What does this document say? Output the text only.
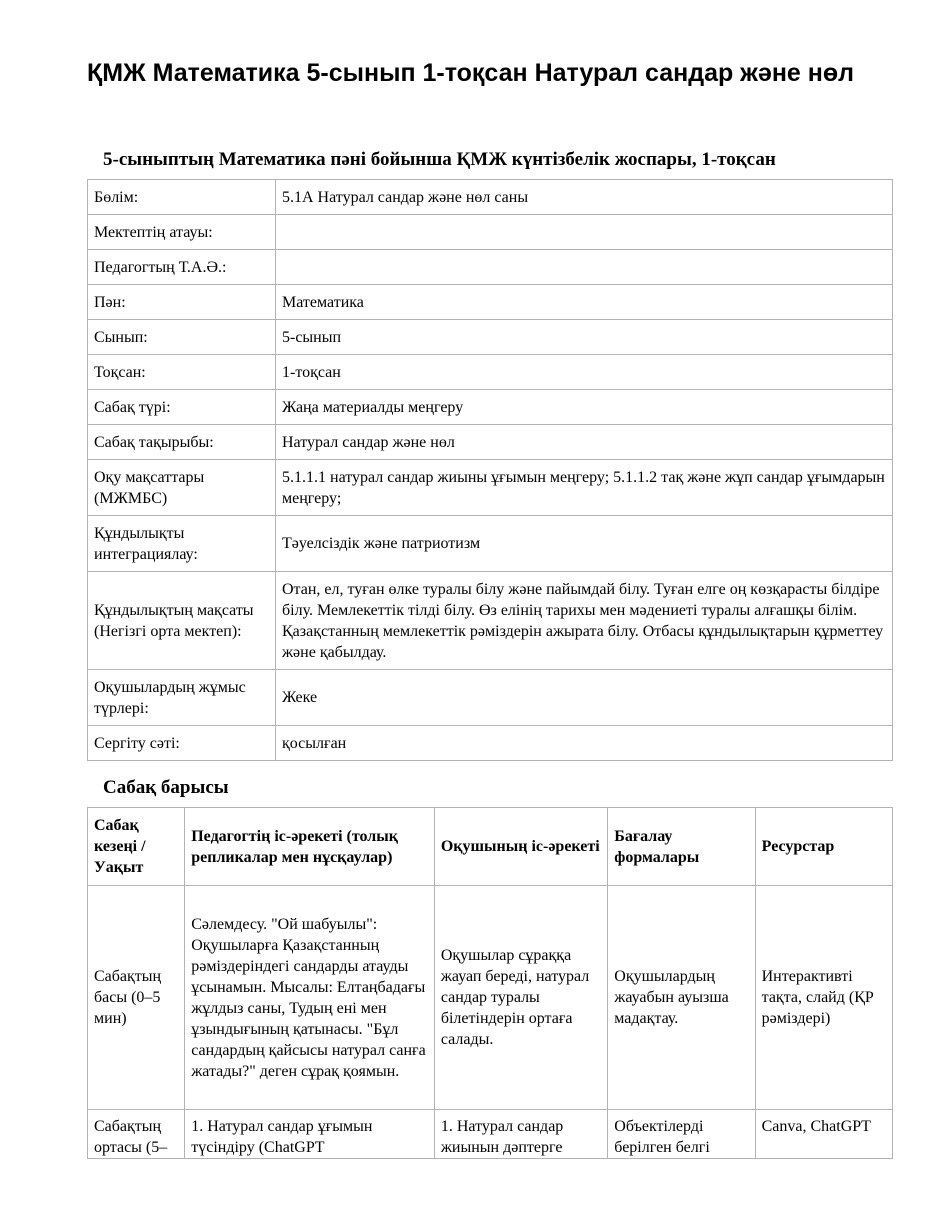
ҚМЖ Математика 5-сынып 1-тоқсан Натурал сандар және нөл
5-сыныптың Математика пәні бойынша ҚМЖ күнтізбелік жоспары, 1-тоқсан
Бөлім:	5.1А Натурал сандар және нөл саны
Мектептің атауы:	
Педагогтың Т.А.Ә.:	
Пән:	Математика
Сынып:	5-сынып
Тоқсан:	1-тоқсан
Сабақ түрі:	Жаңа материалды меңгеру
Сабақ тақырыбы:	Натурал сандар және нөл
Оқу мақсаттары (МЖМБС)	5.1.1.1 натурал сандар жиыны ұғымын меңгеру; 5.1.1.2 тақ және жұп сандар ұғымдарын меңгеру;
Құндылықты интеграциялау:	Тәуелсіздік және патриотизм
Құндылықтың мақсаты (Негізгі орта мектеп):	Отан, ел, туған өлке туралы білу және пайымдай білу. Туған елге оң көзқарасты білдіре білу. Мемлекеттік тілді білу. Өз елінің тарихы мен мәдениеті туралы алғашқы білім. Қазақстанның мемлекеттік рәміздерін ажырата білу. Отбасы құндылықтарын құрметтеу және қабылдау.
Оқушылардың жұмыс түрлері:	Жеке
Сергіту сәті:	қосылған
Сабақ барысы
Сабақ кезеңі / Уақыт	Педагогтің іс-әрекеті (толық репликалар мен нұсқаулар)	Оқушының іс-әрекеті	Бағалау формалары	Ресурстар
Сабақтың басы (0–5 мин)	Сәлемдесу. "Ой шабуылы": Оқушыларға Қазақстанның рәміздеріндегі сандарды атауды ұсынамын. Мысалы: Елтаңбадағы жұлдыз саны, Тудың ені мен ұзындығының қатынасы. "Бұл сандардың қайсысы натурал санға жатады?" деген сұрақ қоямын.	Оқушылар сұраққа жауап береді, натурал сандар туралы білетіндерін ортаға салады.	Оқушылардың жауабын ауызша мадақтау.	Интерактивті тақта, слайд (ҚР рәміздері)
Сабақтың ортасы (5–	1. Натурал сандар ұғымын түсіндіру (ChatGPT	1. Натурал сандар жиынын дәптерге	Объектілерді берілген белгі	Canva, ChatGPT
